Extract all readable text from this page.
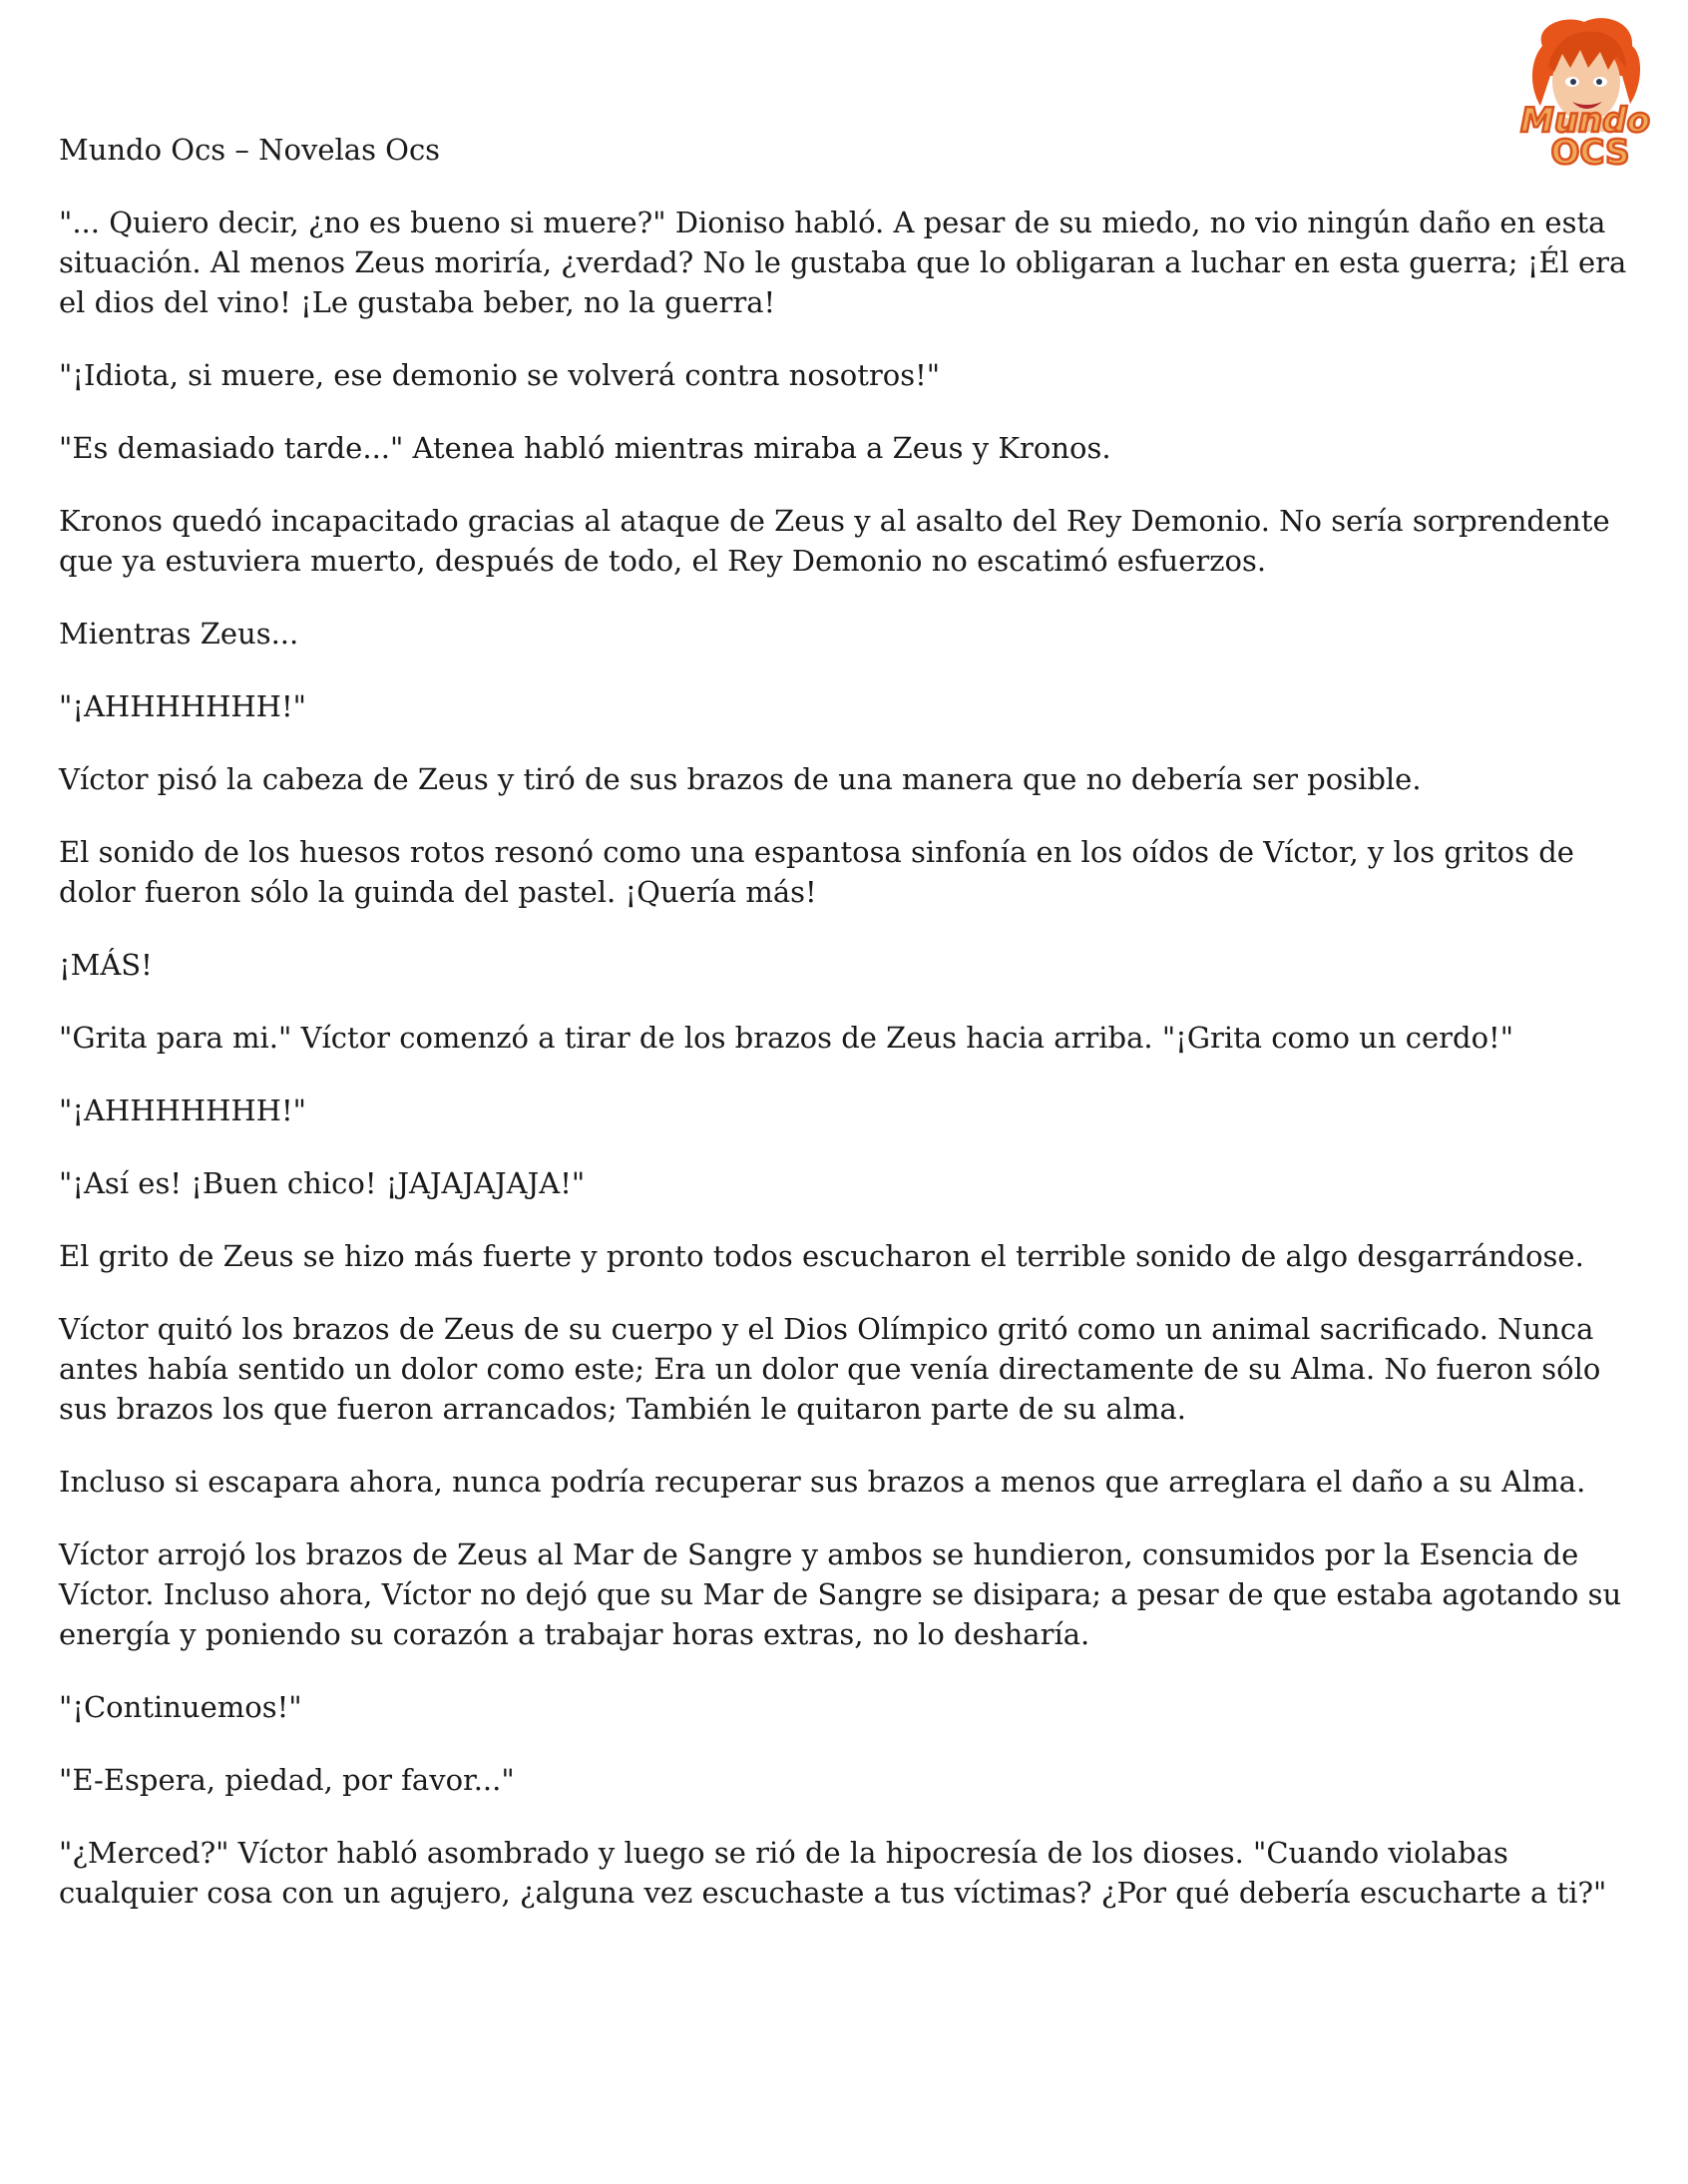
Mundo
OCS
Mundo Ocs – Novelas Ocs

"... Quiero decir, ¿no es bueno si muere?" Dioniso habló. A pesar de su miedo, no vio ningún daño en esta situación. Al menos Zeus moriría, ¿verdad? No le gustaba que lo obligaran a luchar en esta guerra; ¡Él era el dios del vino! ¡Le gustaba beber, no la guerra!

"¡Idiota, si muere, ese demonio se volverá contra nosotros!"

"Es demasiado tarde..." Atenea habló mientras miraba a Zeus y Kronos.

Kronos quedó incapacitado gracias al ataque de Zeus y al asalto del Rey Demonio. No sería sorprendente que ya estuviera muerto, después de todo, el Rey Demonio no escatimó esfuerzos.

Mientras Zeus...

"¡AHHHHHHH!"

Víctor pisó la cabeza de Zeus y tiró de sus brazos de una manera que no debería ser posible.

El sonido de los huesos rotos resonó como una espantosa sinfonía en los oídos de Víctor, y los gritos de dolor fueron sólo la guinda del pastel. ¡Quería más!

¡MÁS!

"Grita para mi." Víctor comenzó a tirar de los brazos de Zeus hacia arriba. "¡Grita como un cerdo!"

"¡AHHHHHHH!"

"¡Así es! ¡Buen chico! ¡JAJAJAJAJA!"

El grito de Zeus se hizo más fuerte y pronto todos escucharon el terrible sonido de algo desgarrándose.

Víctor quitó los brazos de Zeus de su cuerpo y el Dios Olímpico gritó como un animal sacrificado. Nunca antes había sentido un dolor como este; Era un dolor que venía directamente de su Alma. No fueron sólo sus brazos los que fueron arrancados; También le quitaron parte de su alma.

Incluso si escapara ahora, nunca podría recuperar sus brazos a menos que arreglara el daño a su Alma.

Víctor arrojó los brazos de Zeus al Mar de Sangre y ambos se hundieron, consumidos por la Esencia de Víctor. Incluso ahora, Víctor no dejó que su Mar de Sangre se disipara; a pesar de que estaba agotando su energía y poniendo su corazón a trabajar horas extras, no lo desharía.

"¡Continuemos!"

"E-Espera, piedad, por favor..."

"¿Merced?" Víctor habló asombrado y luego se rió de la hipocresía de los dioses. "Cuando violabas cualquier cosa con un agujero, ¿alguna vez escuchaste a tus víctimas? ¿Por qué debería escucharte a ti?"
